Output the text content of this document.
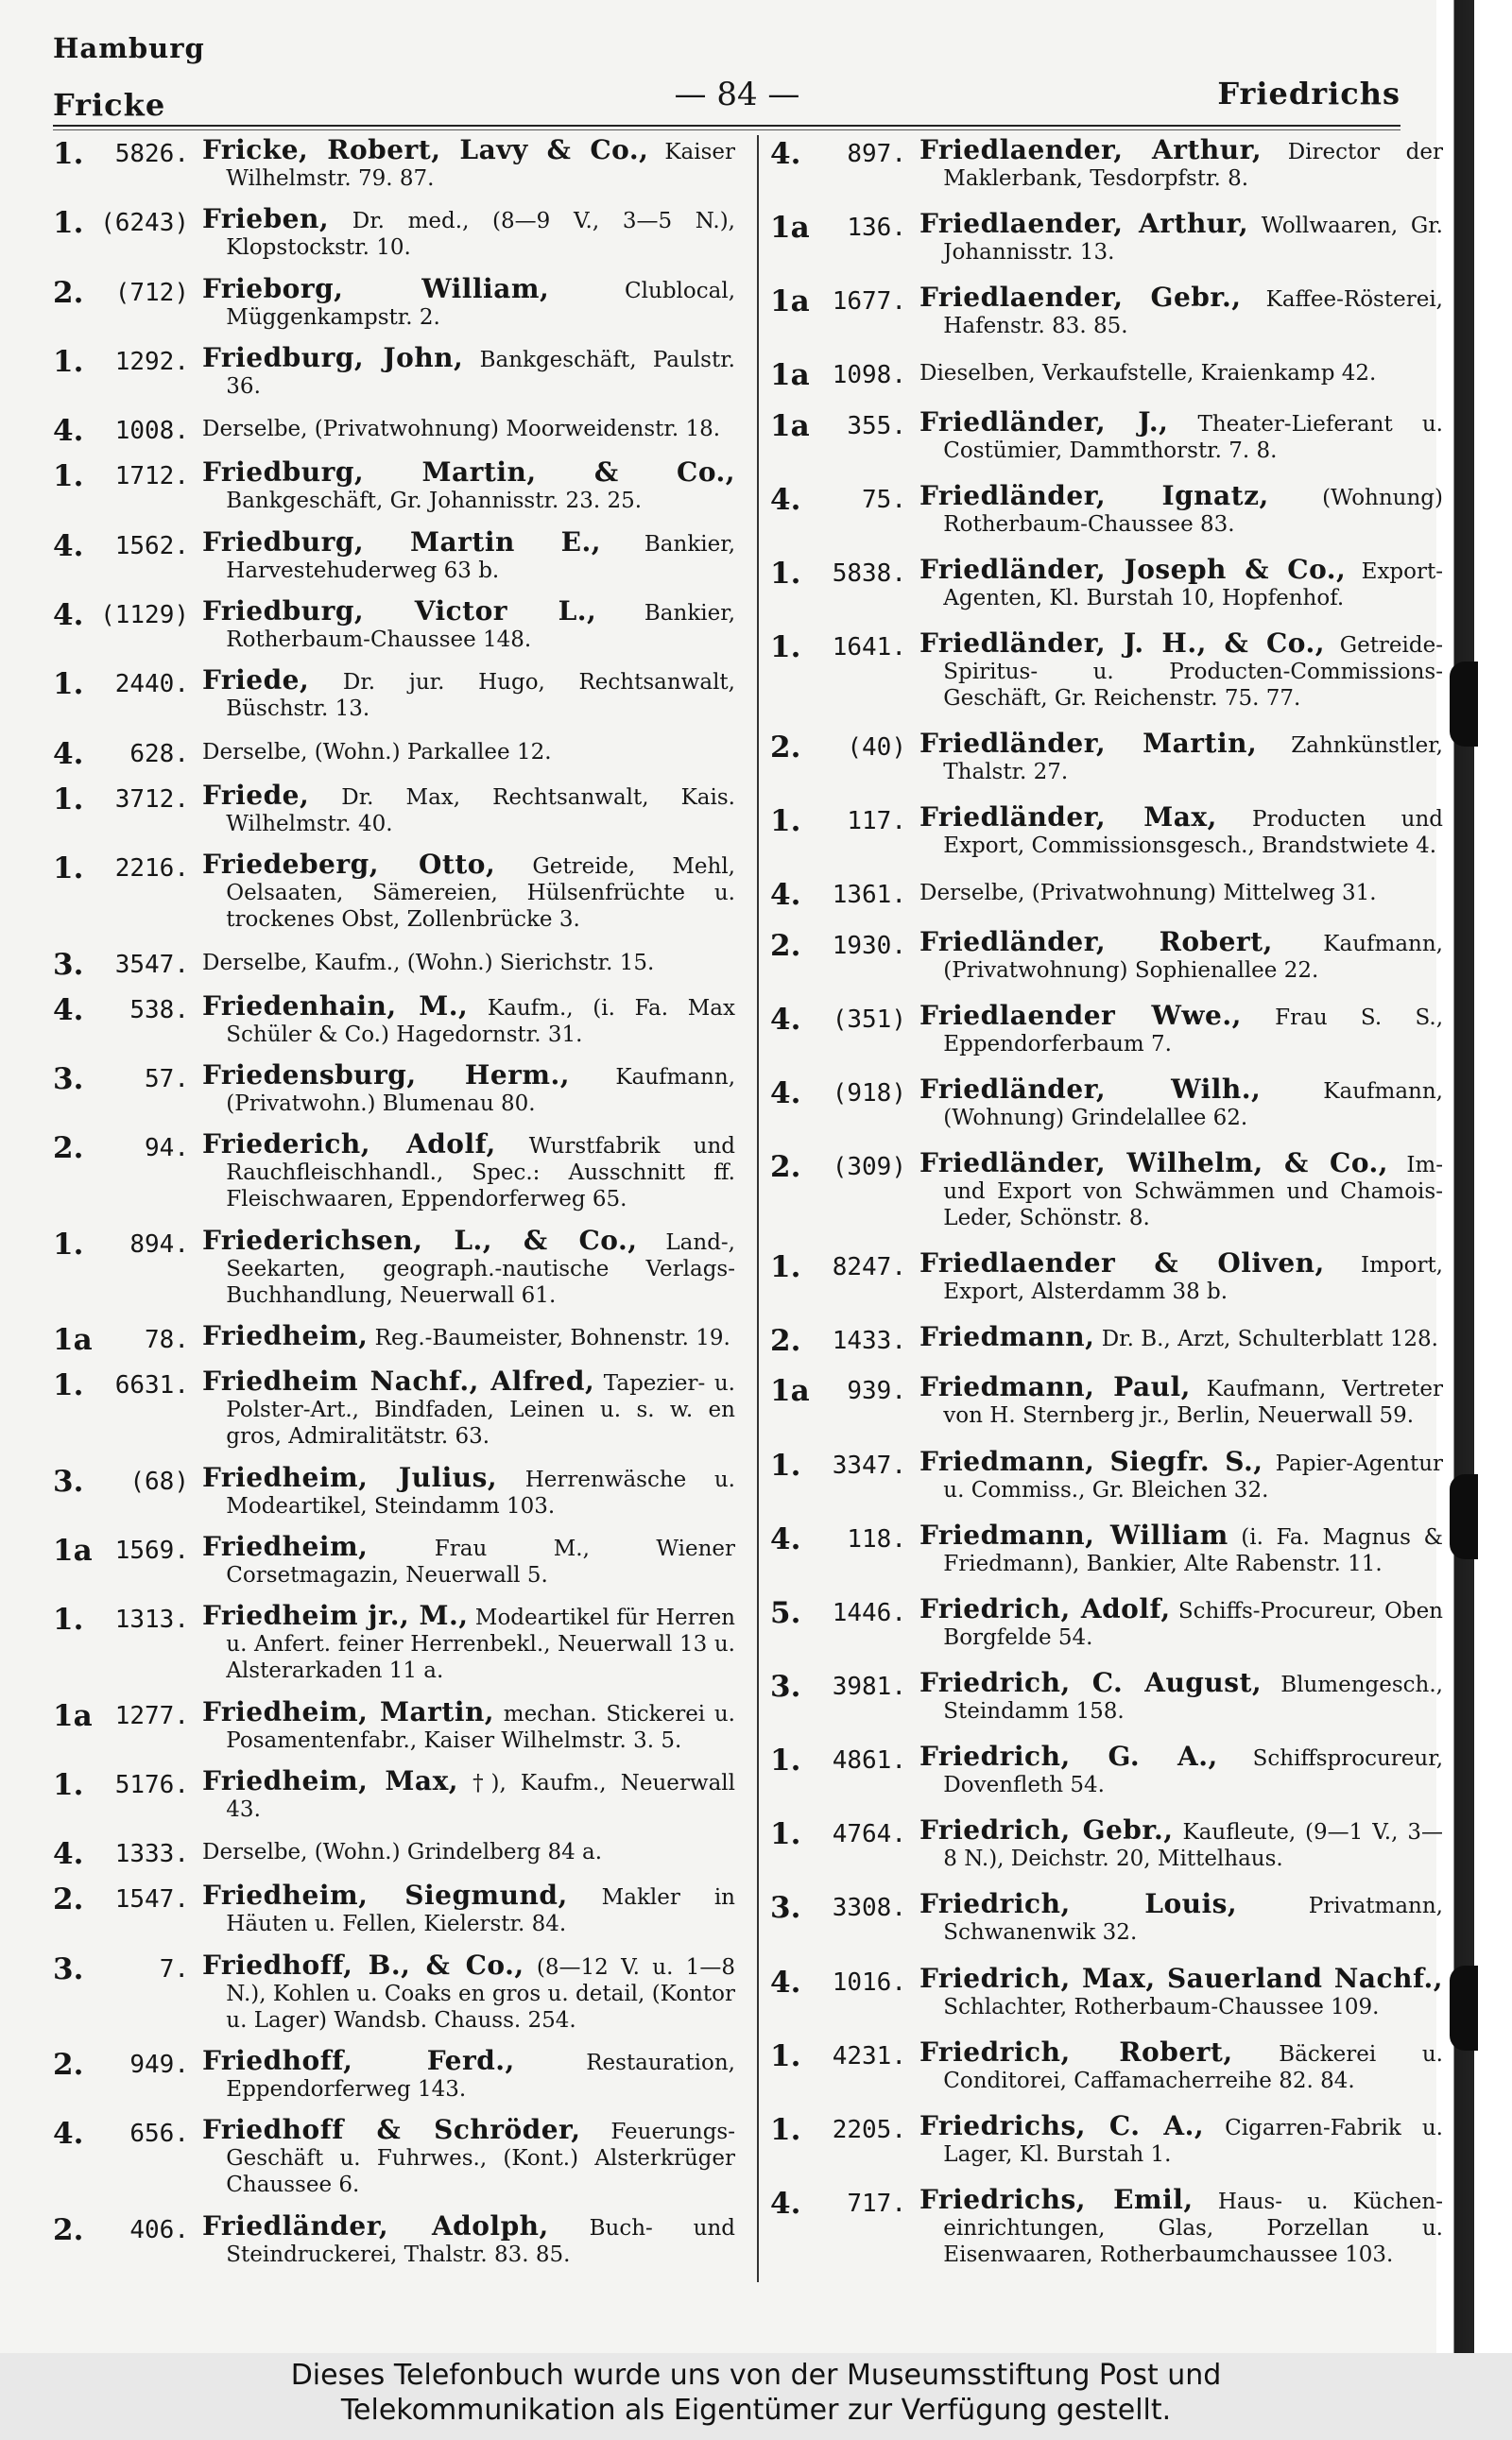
Hamburg
Fricke	— 84 —	Friedrichs
1.	5826. Fricke, Robert, Lavy & Co., Kaiser Wilhelmstr. 79. 87.
1. (6243) Frieben, Dr. med., (8—9 V., 3—5 N.), Klopstockstr. 10.
2.	(712) Frieborg, William, Clublocal, Müggenkampstr. 2.
1.	1292. Friedburg, John, Bankgeschäft, Paulstr. 36.
4.	1008. Derselbe, (Privatwohnung) Moorweidenstr. 18.
1.	1712. Friedburg, Martin, & Co., Bankgeschäft, Gr. Johannisstr. 23. 25.
4.	1562. Friedburg, Martin E., Bankier, Harvestehuderweg 63 b.
4. (1129) Friedburg, Victor L., Bankier, Rotherbaum-Chaussee 148.
1.	2440. Friede, Dr. jur. Hugo, Rechtsanwalt, Büschstr. 13.
4.	628. Derselbe, (Wohn.) Parkallee 12.
1.	3712. Friede, Dr. Max, Rechtsanwalt, Kais. Wilhelmstr. 40.
1.	2216. Friedeberg, Otto, Getreide, Mehl, Oelsaaten, Sämereien, Hülsenfrüchte u. trockenes Obst, Zollenbrücke 3.
3.	3547. Derselbe, Kaufm., (Wohn.) Sierichstr. 15.
4.	538. Friedenhain, M., Kaufm., (i. Fa. Max Schüler & Co.) Hagedornstr. 31.
3.	57. Friedensburg, Herm., Kaufmann, (Privatwohn.) Blumenau 80.
2.	94. Friederich, Adolf, Wurstfabrik und Rauchfleischhandl., Spec.: Ausschnitt ff. Fleischwaaren, Eppendorferweg 65.
1.	894. Friederichsen, L., & Co., Land-, Seekarten, geograph.-nautische Verlags-Buchhandlung, Neuerwall 61.
1a	78. Friedheim, Reg.-Baumeister, Bohnenstr. 19.
1.	6631. Friedheim Nachf., Alfred, Tapezier- u. Polster-Art., Bindfaden, Leinen u. s. w. en gros, Admiralitätstr. 63.
3.	(68) Friedheim, Julius, Herrenwäsche u. Modeartikel, Steindamm 103.
1a 1569. Friedheim, Frau M., Wiener Corsetmagazin, Neuerwall 5.
1.	1313. Friedheim jr., M., Modeartikel für Herren u. Anfert. feiner Herrenbekl., Neuerwall 13 u. Alsterarkaden 11 a.
1a 1277. Friedheim, Martin, mechan. Stickerei u. Posamentenfabr., Kaiser Wilhelmstr. 3. 5.
1.	5176. Friedheim, Max, †), Kaufm., Neuerwall 43.
4.	1333. Derselbe, (Wohn.) Grindelberg 84 a.
2.	1547. Friedheim, Siegmund, Makler in Häuten u. Fellen, Kielerstr. 84.
3.	7. Friedhoff, B., & Co., (8—12 V. u. 1—8 N.), Kohlen u. Coaks en gros u. detail, (Kontor u. Lager) Wandsb. Chauss. 254.
2.	949. Friedhoff, Ferd., Restauration, Eppendorferweg 143.
4.	656. Friedhoff & Schröder, Feuerungs-Geschäft u. Fuhrwes., (Kont.) Alsterkrüger Chaussee 6.
2.	406. Friedländer, Adolph, Buch- und Steindruckerei, Thalstr. 83. 85.
4.	897. Friedlaender, Arthur, Director der Maklerbank, Tesdorpfstr. 8.
1a	136. Friedlaender, Arthur, Wollwaaren, Gr. Johannisstr. 13.
1a 1677. Friedlaender, Gebr., Kaffee-Rösterei, Hafenstr. 83. 85.
1a 1098. Dieselben, Verkaufstelle, Kraienkamp 42.
1a	355. Friedländer, J., Theater-Lieferant u. Costümier, Dammthorstr. 7. 8.
4.	75. Friedländer, Ignatz, (Wohnung) Rotherbaum-Chaussee 83.
1.	5838. Friedländer, Joseph & Co., Export-Agenten, Kl. Burstah 10, Hopfenhof.
1.	1641. Friedländer, J. H., & Co., Getreide-Spiritus- u. Producten-Commissions-Geschäft, Gr. Reichenstr. 75. 77.
2.	(40) Friedländer, Martin, Zahnkünstler, Thalstr. 27.
1.	117. Friedländer, Max, Producten und Export, Commissionsgesch., Brandstwiete 4.
4.	1361. Derselbe, (Privatwohnung) Mittelweg 31.
2.	1930. Friedländer, Robert, Kaufmann, (Privatwohnung) Sophienallee 22.
4.	(351) Friedlaender Wwe., Frau S. S., Eppendorferbaum 7.
4.	(918) Friedländer, Wilh., Kaufmann, (Wohnung) Grindelallee 62.
2.	(309) Friedländer, Wilhelm, & Co., Im- und Export von Schwämmen und Chamois-Leder, Schönstr. 8.
1.	8247. Friedlaender & Oliven, Import, Export, Alsterdamm 38 b.
2.	1433. Friedmann, Dr. B., Arzt, Schulterblatt 128.
1a	939. Friedmann, Paul, Kaufmann, Vertreter von H. Sternberg jr., Berlin, Neuerwall 59.
1.	3347. Friedmann, Siegfr. S., Papier-Agentur u. Commiss., Gr. Bleichen 32.
4.	118. Friedmann, William (i. Fa. Magnus & Friedmann), Bankier, Alte Rabenstr. 11.
5.	1446. Friedrich, Adolf, Schiffs-Procureur, Oben Borgfelde 54.
3.	3981. Friedrich, C. August, Blumengesch., Steindamm 158.
1.	4861. Friedrich, G. A., Schiffsprocureur, Dovenfleth 54.
1.	4764. Friedrich, Gebr., Kaufleute, (9—1 V., 3—8 N.), Deichstr. 20, Mittelhaus.
3.	3308. Friedrich, Louis, Privatmann, Schwanenwik 32.
4.	1016. Friedrich, Max, Sauerland Nachf., Schlachter, Rotherbaum-Chaussee 109.
1.	4231. Friedrich, Robert, Bäckerei u. Conditorei, Caffamacherreihe 82. 84.
1.	2205. Friedrichs, C. A., Cigarren-Fabrik u. Lager, Kl. Burstah 1.
4.	717. Friedrichs, Emil, Haus- u. Küchen-einrichtungen, Glas, Porzellan u. Eisenwaaren, Rotherbaumchaussee 103.
Dieses Telefonbuch wurde uns von der Museumsstiftung Post und
Telekommunikation als Eigentümer zur Verfügung gestellt.
